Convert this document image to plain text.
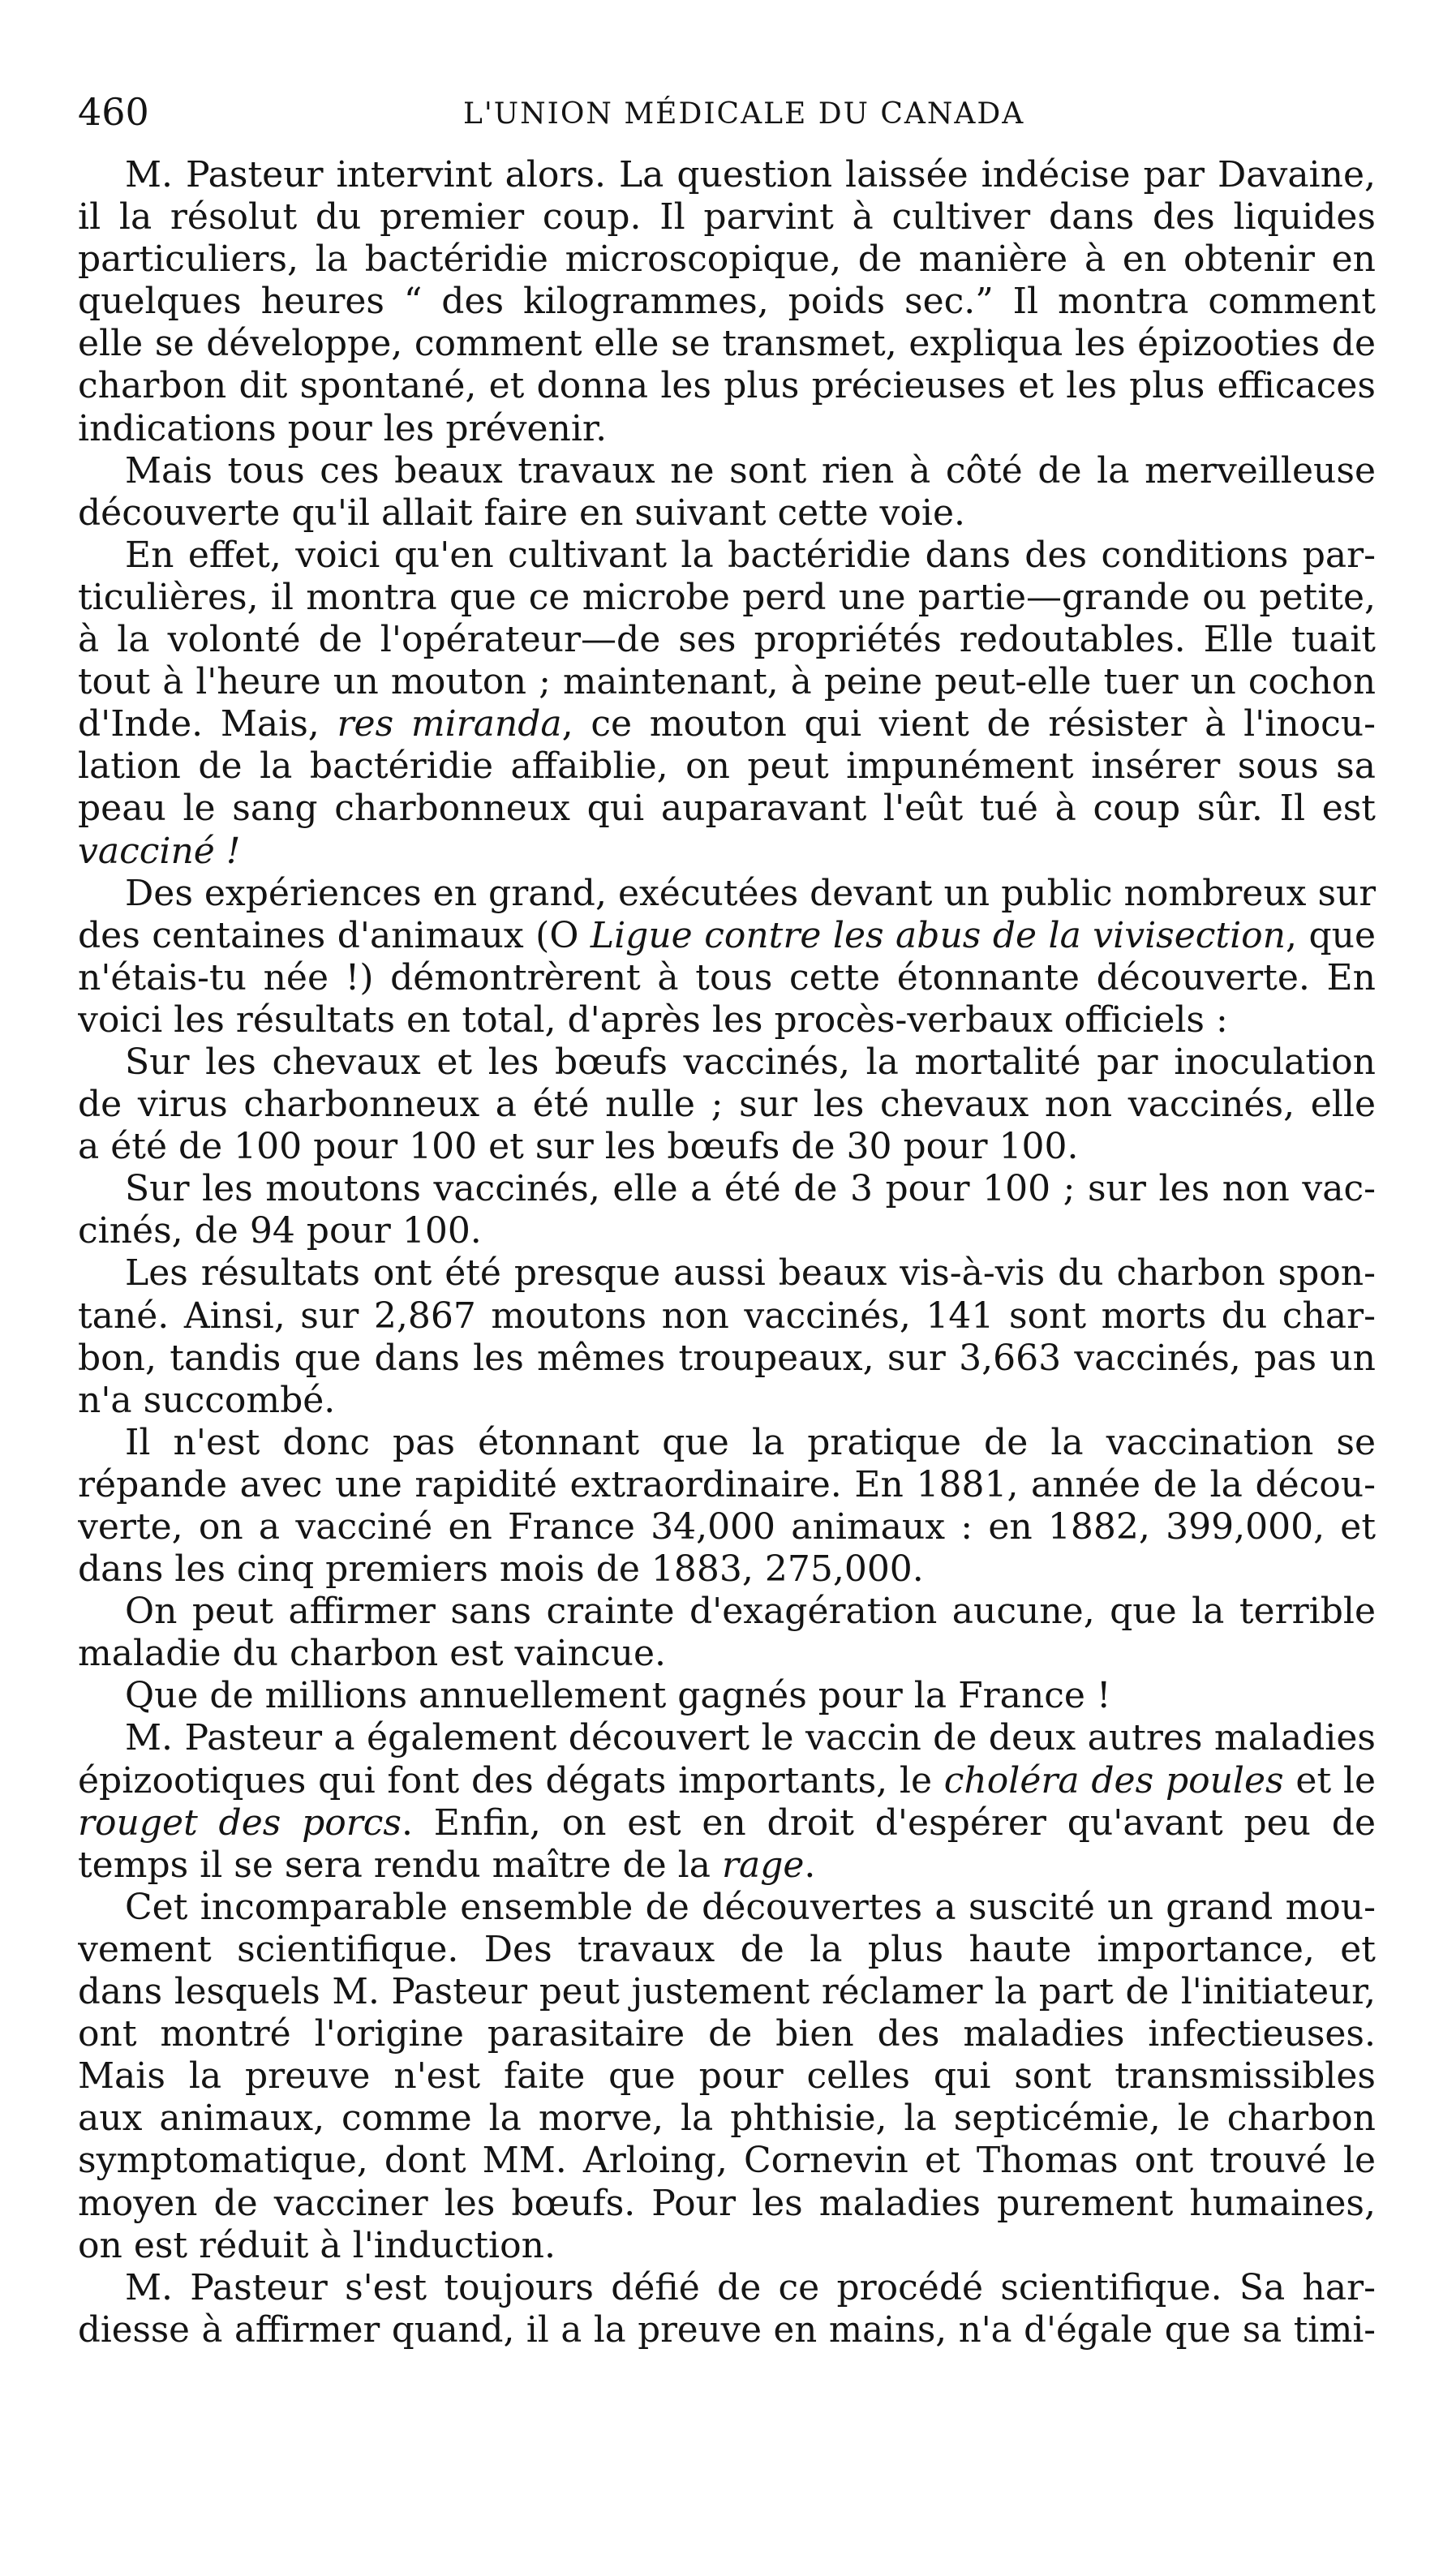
460	L'UNION MÉDICALE DU CANADA
M. Pasteur intervint alors. La question laissée indécise par Davaine,
il la résolut du premier coup. Il parvint à cultiver dans des liquides
particuliers, la bactéridie microscopique, de manière à en obtenir en
quelques heures “ des kilogrammes, poids sec.” Il montra comment
elle se développe, comment elle se transmet, expliqua les épizooties de
charbon dit spontané, et donna les plus précieuses et les plus efficaces
indications pour les prévenir.
Mais tous ces beaux travaux ne sont rien à côté de la merveilleuse
découverte qu'il allait faire en suivant cette voie.
En effet, voici qu'en cultivant la bactéridie dans des conditions par-
ticulières, il montra que ce microbe perd une partie—grande ou petite,
à la volonté de l'opérateur—de ses propriétés redoutables. Elle tuait
tout à l'heure un mouton ; maintenant, à peine peut-elle tuer un cochon
d'Inde. Mais, res miranda, ce mouton qui vient de résister à l'inocu-
lation de la bactéridie affaiblie, on peut impunément insérer sous sa
peau le sang charbonneux qui auparavant l'eût tué à coup sûr. Il est
vacciné !
Des expériences en grand, exécutées devant un public nombreux sur
des centaines d'animaux (O Ligue contre les abus de la vivisection, que
n'étais-tu née !) démontrèrent à tous cette étonnante découverte. En
voici les résultats en total, d'après les procès-verbaux officiels :
Sur les chevaux et les bœufs vaccinés, la mortalité par inoculation
de virus charbonneux a été nulle ; sur les chevaux non vaccinés, elle
a été de 100 pour 100 et sur les bœufs de 30 pour 100.
Sur les moutons vaccinés, elle a été de 3 pour 100 ; sur les non vac-
cinés, de 94 pour 100.
Les résultats ont été presque aussi beaux vis-à-vis du charbon spon-
tané. Ainsi, sur 2,867 moutons non vaccinés, 141 sont morts du char-
bon, tandis que dans les mêmes troupeaux, sur 3,663 vaccinés, pas un
n'a succombé.
Il n'est donc pas étonnant que la pratique de la vaccination se
répande avec une rapidité extraordinaire. En 1881, année de la décou-
verte, on a vacciné en France 34,000 animaux : en 1882, 399,000, et
dans les cinq premiers mois de 1883, 275,000.
On peut affirmer sans crainte d'exagération aucune, que la terrible
maladie du charbon est vaincue.
Que de millions annuellement gagnés pour la France !
M. Pasteur a également découvert le vaccin de deux autres maladies
épizootiques qui font des dégats importants, le choléra des poules et le
rouget des porcs. Enfin, on est en droit d'espérer qu'avant peu de
temps il se sera rendu maître de la rage.
Cet incomparable ensemble de découvertes a suscité un grand mou-
vement scientifique. Des travaux de la plus haute importance, et
dans lesquels M. Pasteur peut justement réclamer la part de l'initiateur,
ont montré l'origine parasitaire de bien des maladies infectieuses.
Mais la preuve n'est faite que pour celles qui sont transmissibles
aux animaux, comme la morve, la phthisie, la septicémie, le charbon
symptomatique, dont MM. Arloing, Cornevin et Thomas ont trouvé le
moyen de vacciner les bœufs. Pour les maladies purement humaines,
on est réduit à l'induction.
M. Pasteur s'est toujours défié de ce procédé scientifique. Sa har-
diesse à affirmer quand, il a la preuve en mains, n'a d'égale que sa timi-
